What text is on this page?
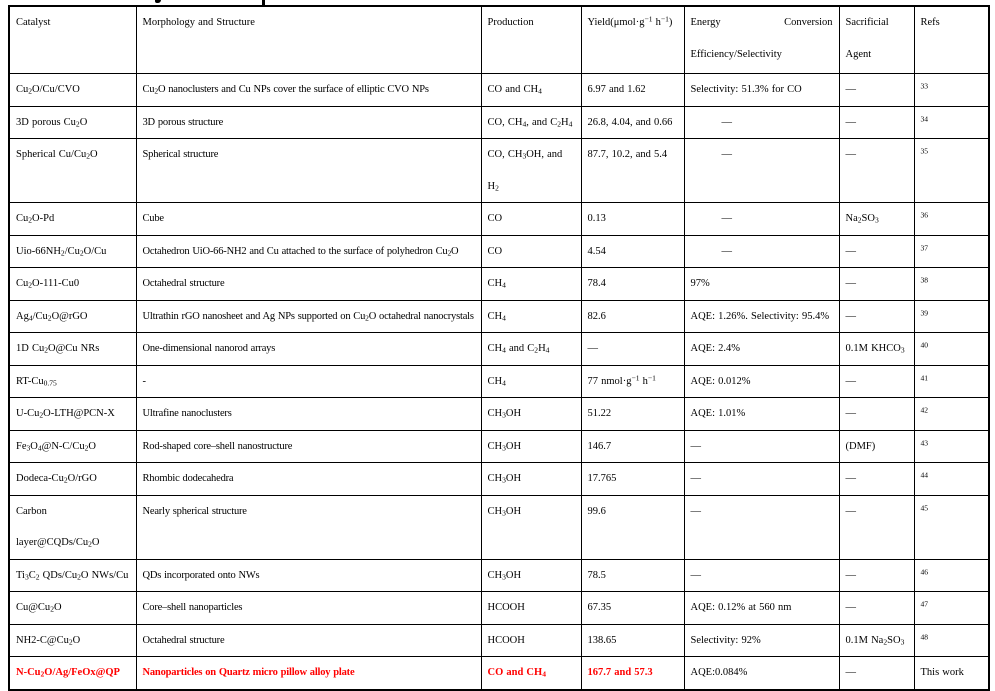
Catalyst	Morphology and Structure	Production	$Yield(\mu mol\cdot g^{-1}$ $h^{-1}$)	Energy Conversion Efficiency/Selectivity	Sacrificial Agent	Refs
$Cu_2O/Cu$/CVO	$Cu_2O$ nanoclusters and Cu NPs cover the surface of elliptic CVO NPs	CO and $CH_4$	6.97 and 1.62	Selectivity: 51.3% for CO	—	$^{33}$
3D porous $Cu_2O$	3D porous structure	CO, $CH_4$, and $C_2H_4$	26.8, 4.04, and 0.66	—	—	$^{34}$
Spherical $Cu/Cu_2O$	Spherical structure	CO, $CH_3OH$, and $H_2$	87.7, 10.2, and 5.4	—	—	$^{35}$
$Cu_2O-Pd$	Cube	CO	0.13	—	$Na_2SO_3$	$^{36}$
Uio-$66NH_2/Cu_2O/Cu$	Octahedron UiO-66-NH2 and Cu attached to the surface of polyhedron $Cu_2O$	CO	4.54	—	—	$^{37}$
$Cu_2O-111-Cu0$	Octahedral structure	$CH_4$	78.4	97%	—	$^{38}$
$Ag_4/Cu_2O@rGO$	Ultrathin rGO nanosheet and Ag NPs supported on $Cu_2O$ octahedral nanocrystals	$CH_4$	82.6	AQE: 1.26%. Selectivity: 95.4%	—	$^{39}$
1D $Cu_2O@Cu$ NRs	One-dimensional nanorod arrays	$CH_4$ and $C_2H_4$	—	AQE: 2.4%	0.1M $KHCO_3$	$^{40}$
$RT-Cu_{0.75}$	-	$CH_4$	77 $nmol\cdot g^{-1}$ $h^{-1}$	AQE: 0.012%	—	$^{41}$
$U-Cu_2O-LTH@PCN-X$	Ultrafine nanoclusters	$CH_3OH$	51.22	AQE: 1.01%	—	$^{42}$
$Fe_3O_4@N-C/Cu_2O$	Rod-shaped core–shell nanostructure	$CH_3OH$	146.7	—	(DMF)	$^{43}$
Dodeca-$Cu_2O$/rGO	Rhombic dodecahedra	$CH_3OH$	17.765	—	—	$^{44}$
Carbon $layer@CQDs/Cu_2O$	Nearly spherical structure	$CH_3OH$	99.6	—	—	$^{45}$
$Ti_3C_2$ QDs/$Cu_2O$ NWs/Cu	QDs incorporated onto NWs	$CH_3OH$	78.5	—	—	$^{46}$
$Cu@Cu_2O$	Core–shell nanoparticles	HCOOH	67.35	AQE: 0.12% at 560 nm	—	$^{47}$
$NH2-C@Cu_2O$	Octahedral structure	HCOOH	138.65	Selectivity: 92%	0.1M $Na_2SO_3$	$^{48}$
$N-Cu_2O/Ag/FeOx@QP$	Nanoparticles on Quartz micro pillow alloy plate	CO and $CH_4$	167.7 and 57.3	AQE:0.084%	—	This work
